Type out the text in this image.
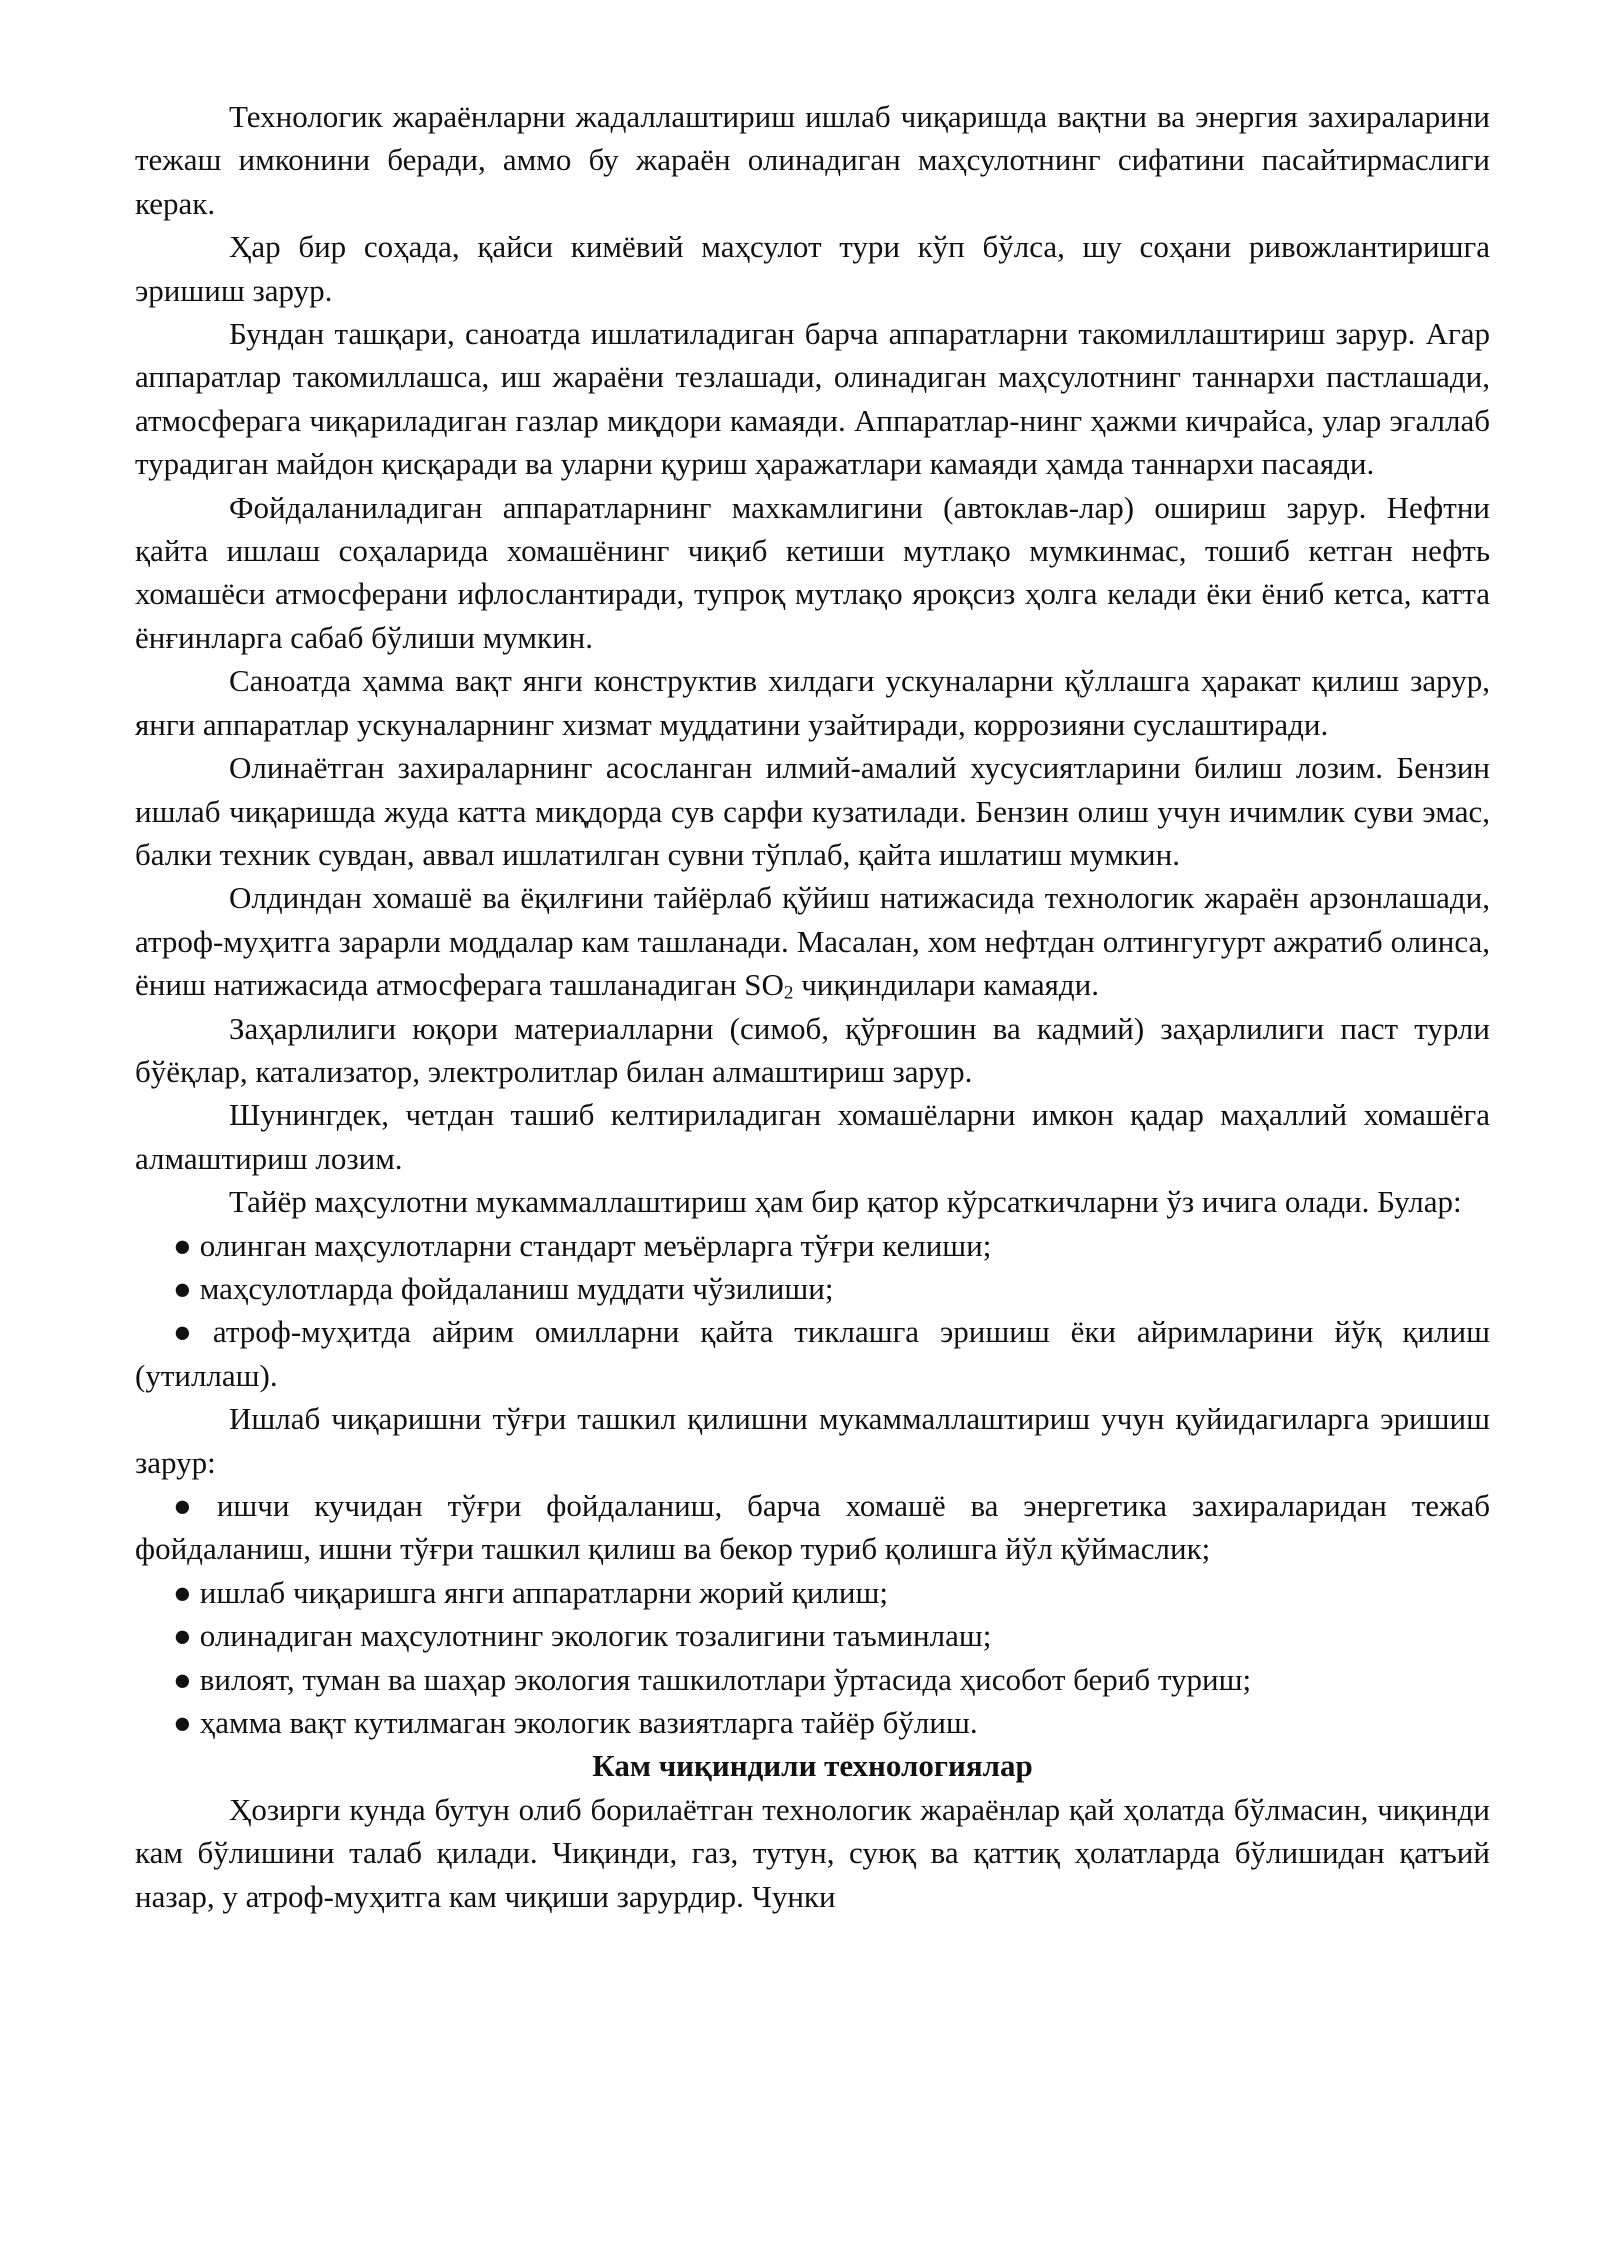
Технологик жараёнларни жадаллаштириш ишлаб чиқаришда вақтни ва энергия захираларини тежаш имконини беради, аммо бу жараён олинадиган маҳсулотнинг сифатини пасайтирмаслиги керак.

Ҳар бир соҳада, қайси кимёвий маҳсулот тури кўп бўлса, шу соҳани ривожлантиришга эришиш зарур.

Бундан ташқари, саноатда ишлатиладиган барча аппаратларни такомиллаштириш зарур. Агар аппаратлар такомиллашса, иш жараёни тезлашади, олинадиган маҳсулотнинг таннархи пастлашади, атмосферага чиқариладиган газлар миқдори камаяди. Аппаратлар-нинг ҳажми кичрайса, улар эгаллаб турадиган майдон қисқаради ва уларни қуриш ҳаражатлари камаяди ҳамда таннархи пасаяди.

Фойдаланиладиган аппаратларнинг махкамлигини (автоклав-лар) ошириш зарур. Нефтни қайта ишлаш соҳаларида хомашёнинг чиқиб кетиши мутлақо мумкинмас, тошиб кетган нефть хомашёси атмосферани ифлослантиради, тупроқ мутлақо яроқсиз ҳолга келади ёки ёниб кетса, катта ёнғинларга сабаб бўлиши мумкин.

Саноатда ҳамма вақт янги конструктив хилдаги ускуналарни қўллашга ҳаракат қилиш зарур, янги аппаратлар ускуналарнинг хизмат муддатини узайтиради, коррозияни суслаштиради.

Олинаётган захираларнинг асосланган илмий-амалий хусусиятларини билиш лозим. Бензин ишлаб чиқаришда жуда катта миқдорда сув сарфи кузатилади. Бензин олиш учун ичимлик суви эмас, балки техник сувдан, аввал ишлатилган сувни тўплаб, қайта ишлатиш мумкин.

Олдиндан хомашё ва ёқилғини тайёрлаб қўйиш натижасида технологик жараён арзонлашади, атроф-муҳитга зарарли моддалар кам ташланади. Масалан, хом нефтдан олтингугурт ажратиб олинса, ёниш натижасида атмосферага ташланадиган SO2 чиқиндилари камаяди.

Заҳарлилиги юқори материалларни (симоб, қўрғошин ва кадмий) заҳарлилиги паст турли бўёқлар, катализатор, электролитлар билан алмаштириш зарур.

Шунингдек, четдан ташиб келтириладиган хомашёларни имкон қадар маҳаллий хомашёга алмаштириш лозим.

Тайёр маҳсулотни мукаммаллаштириш ҳам бир қатор кўрсаткичларни ўз ичига олади. Булар:

● олинган маҳсулотларни стандарт меъёрларга тўғри келиши;

● маҳсулотларда фойдаланиш муддати чўзилиши;

● атроф-муҳитда айрим омилларни қайта тиклашга эришиш ёки айримларини йўқ қилиш (утиллаш).

Ишлаб чиқаришни тўғри ташкил қилишни мукаммаллаштириш учун қуйидагиларга эришиш зарур:

● ишчи кучидан тўғри фойдаланиш, барча хомашё ва энергетика захираларидан тежаб фойдаланиш, ишни тўғри ташкил қилиш ва бекор туриб қолишга йўл қўймаслик;

● ишлаб чиқаришга янги аппаратларни жорий қилиш;

● олинадиган маҳсулотнинг экологик тозалигини таъминлаш;

● вилоят, туман ва шаҳар экология ташкилотлари ўртасида ҳисобот бериб туриш;

● ҳамма вақт кутилмаган экологик вазиятларга тайёр бўлиш.

Кам чиқиндили технологиялар

Ҳозирги кунда бутун олиб борилаётган технологик жараёнлар қай ҳолатда бўлмасин, чиқинди кам бўлишини талаб қилади. Чиқинди, газ, тутун, суюқ ва қаттиқ ҳолатларда бўлишидан қатъий назар, у атроф-муҳитга кам чиқиши зарурдир. Чунки
